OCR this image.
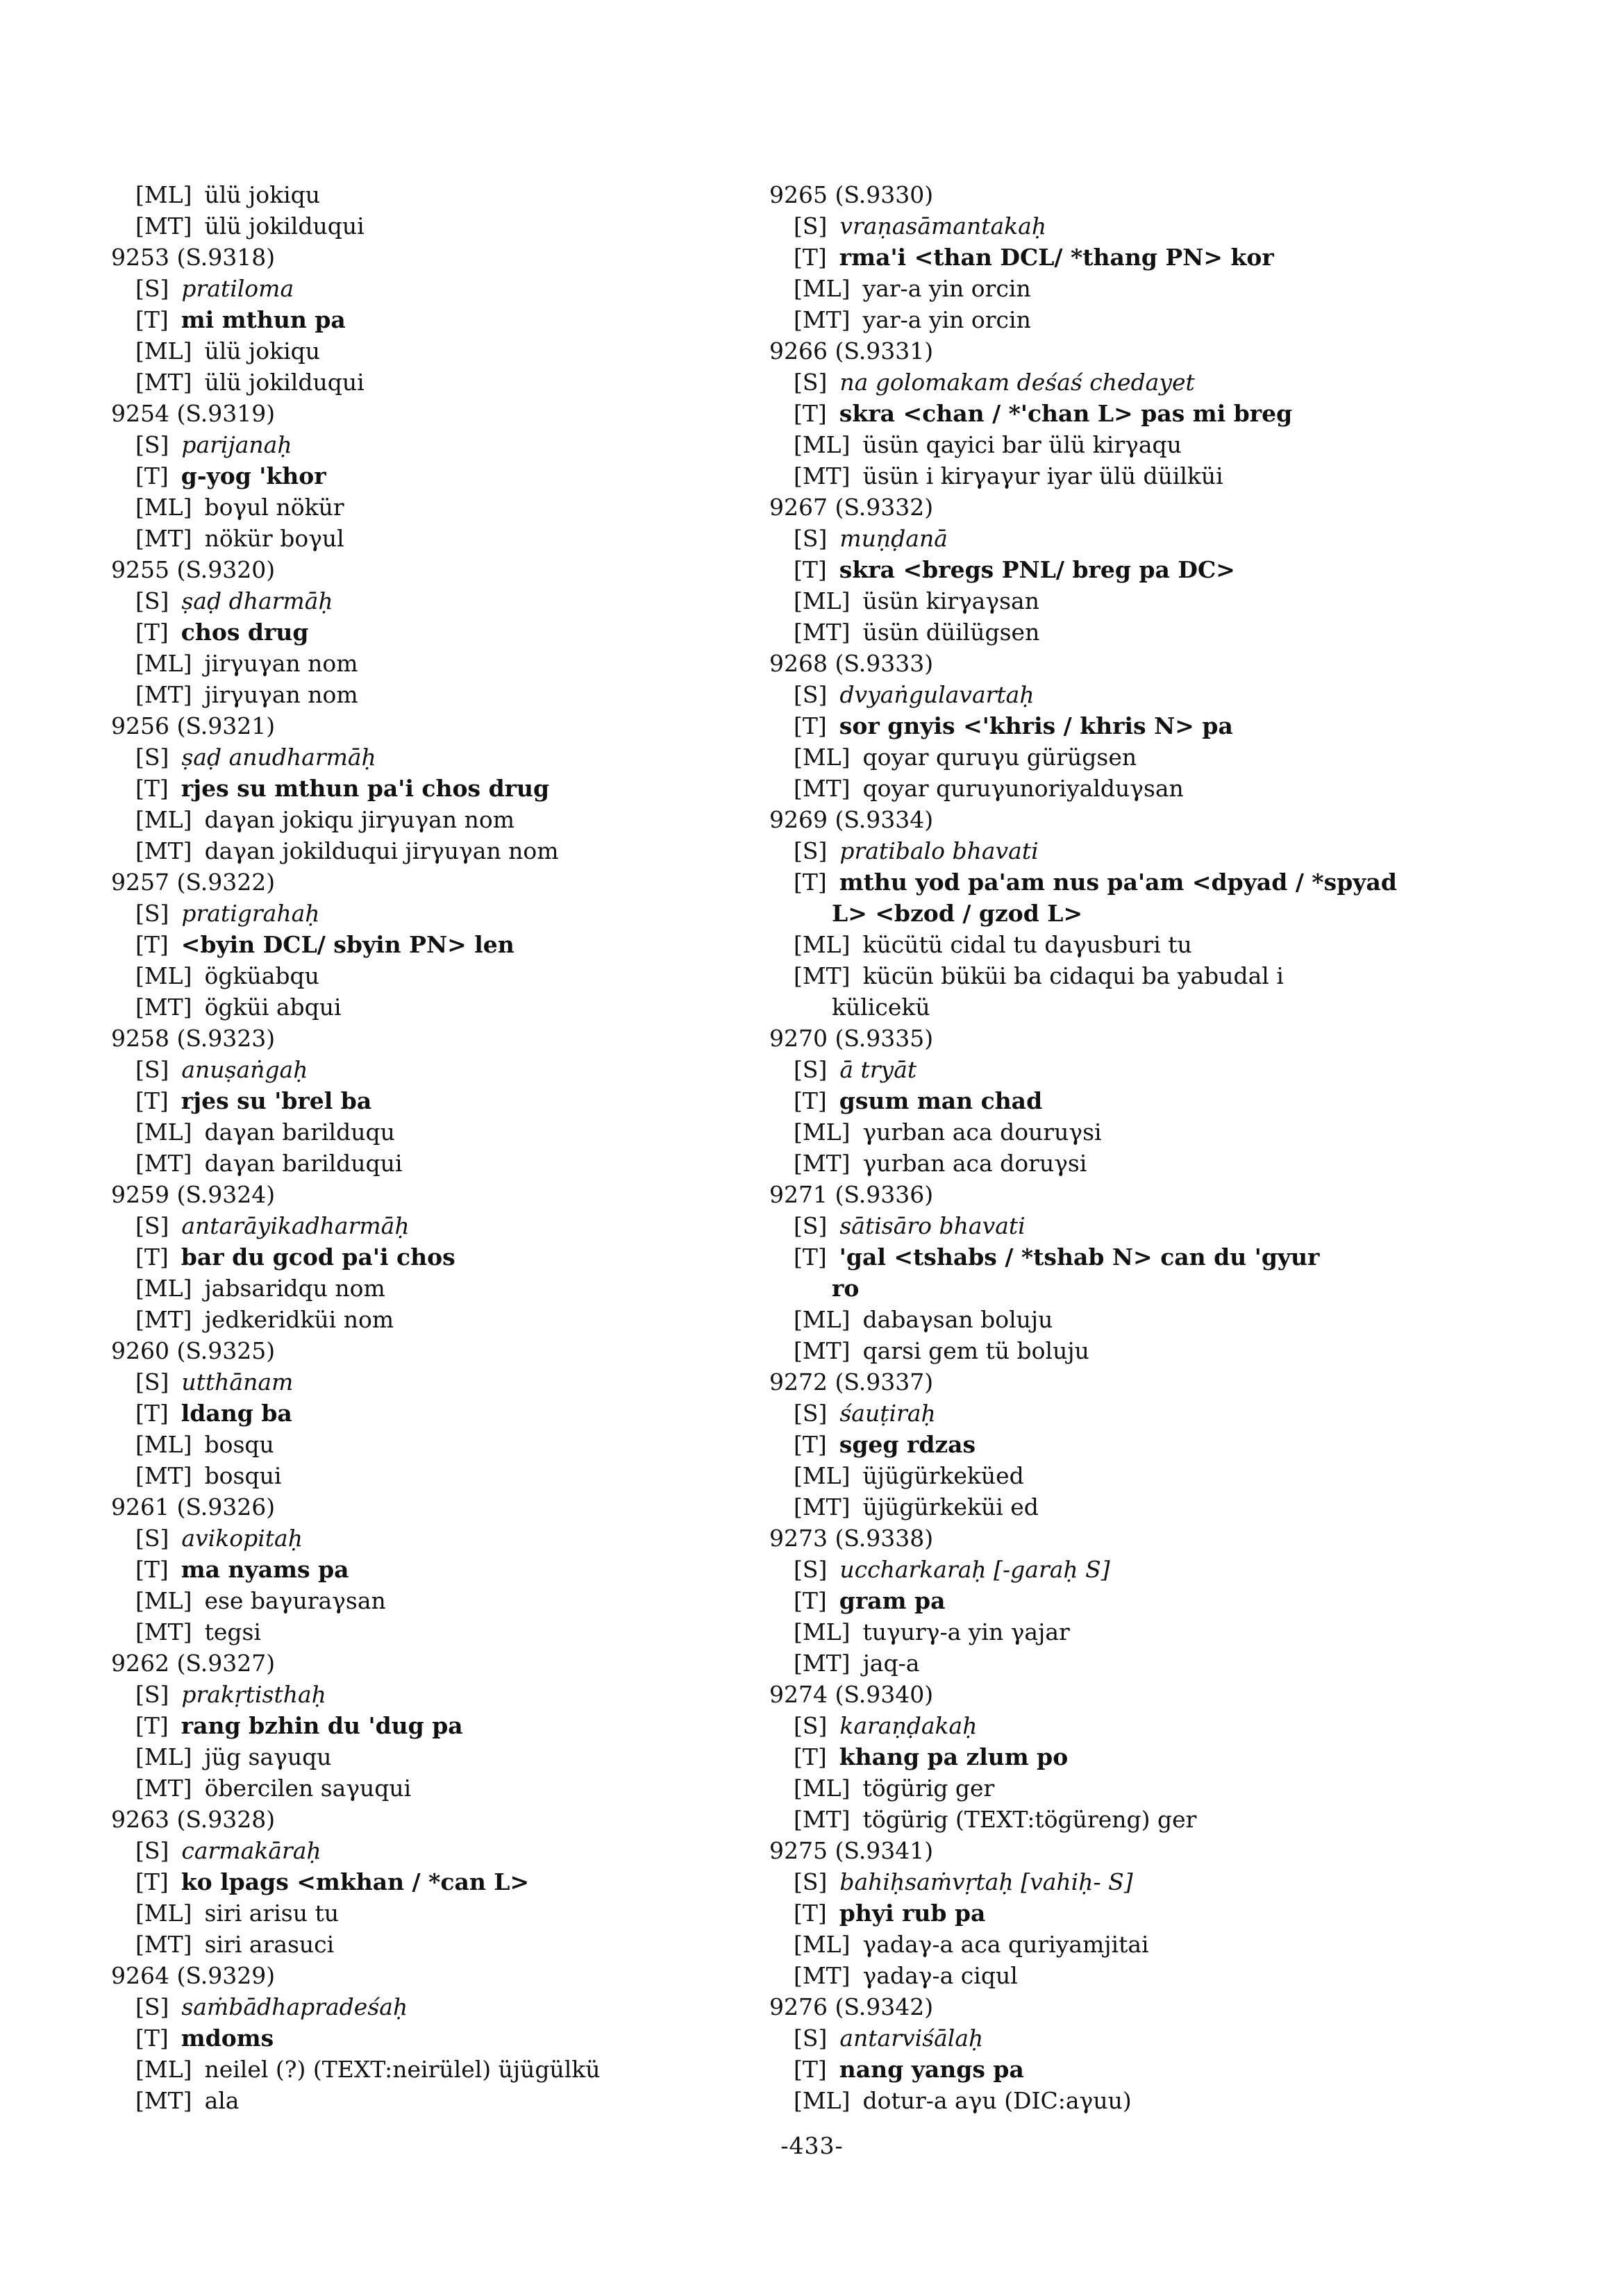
[ML] ülü jokiqu
[MT] ülü jokilduqui
9253 (S.9318)
[S] pratiloma
[T] mi mthun pa
[ML] ülü jokiqu
[MT] ülü jokilduqui
9254 (S.9319)
[S] parijanaḥ
[T] g-yog 'khor
[ML] boγul nökür
[MT] nökür boγul
9255 (S.9320)
[S] ṣaḍ dharmāḥ
[T] chos drug
[ML] jirγuγan nom
[MT] jirγuγan nom
9256 (S.9321)
[S] ṣaḍ anudharmāḥ
[T] rjes su mthun pa'i chos drug
[ML] daγan jokiqu jirγuγan nom
[MT] daγan jokilduqui jirγuγan nom
9257 (S.9322)
[S] pratigrahaḥ
[T] <byin DCL/ sbyin PN> len
[ML] ögküabqu
[MT] ögküi abqui
9258 (S.9323)
[S] anuṣaṅgaḥ
[T] rjes su 'brel ba
[ML] daγan barilduqu
[MT] daγan barilduqui
9259 (S.9324)
[S] antarāyikadharmāḥ
[T] bar du gcod pa'i chos
[ML] jabsaridqu nom
[MT] jedkeridküi nom
9260 (S.9325)
[S] utthānam
[T] ldang ba
[ML] bosqu
[MT] bosqui
9261 (S.9326)
[S] avikopitaḥ
[T] ma nyams pa
[ML] ese baγuraγsan
[MT] tegsi
9262 (S.9327)
[S] prakṛtisthaḥ
[T] rang bzhin du 'dug pa
[ML] jüg saγuqu
[MT] öbercilen saγuqui
9263 (S.9328)
[S] carmakāraḥ
[T] ko lpags <mkhan / *can L>
[ML] siri arisu tu
[MT] siri arasuci
9264 (S.9329)
[S] saṁbādhapradeśaḥ
[T] mdoms
[ML] neilel (?) (TEXT:neirülel) üjügülkü
[MT] ala
9265 (S.9330)
[S] vraṇasāmantakaḥ
[T] rma'i <than DCL/ *thang PN> kor
[ML] yar-a yin orcin
[MT] yar-a yin orcin
9266 (S.9331)
[S] na golomakam deśaś chedayet
[T] skra <chan / *'chan L> pas mi breg
[ML] üsün qayici bar ülü kirγaqu
[MT] üsün i kirγaγur iyar ülü düilküi
9267 (S.9332)
[S] muṇḍanā
[T] skra <bregs PNL/ breg pa DC>
[ML] üsün kirγaγsan
[MT] üsün düilügsen
9268 (S.9333)
[S] dvyaṅgulavartaḥ
[T] sor gnyis <'khris / khris N> pa
[ML] qoyar quruγu gürügsen
[MT] qoyar quruγunoriyalduγsan
9269 (S.9334)
[S] pratibalo bhavati
[T] mthu yod pa'am nus pa'am <dpyad / *spyad
L> <bzod / gzod L>
[ML] kücütü cidal tu daγusburi tu
[MT] kücün büküi ba cidaqui ba yabudal i
külicekü
9270 (S.9335)
[S] ā tryāt
[T] gsum man chad
[ML] γurban aca douruγsi
[MT] γurban aca doruγsi
9271 (S.9336)
[S] sātisāro bhavati
[T] 'gal <tshabs / *tshab N> can du 'gyur
ro
[ML] dabaγsan boluju
[MT] qarsi gem tü boluju
9272 (S.9337)
[S] śauṭiraḥ
[T] sgeg rdzas
[ML] üjügürkeküed
[MT] üjügürkeküi ed
9273 (S.9338)
[S] uccharkaraḥ [-garaḥ S]
[T] gram pa
[ML] tuγurγ-a yin γajar
[MT] jaq-a
9274 (S.9340)
[S] karaṇḍakaḥ
[T] khang pa zlum po
[ML] tögürig ger
[MT] tögürig (TEXT:tögüreng) ger
9275 (S.9341)
[S] bahiḥsaṁvṛtaḥ [vahiḥ- S]
[T] phyi rub pa
[ML] γadaγ-a aca quriyamjitai
[MT] γadaγ-a ciqul
9276 (S.9342)
[S] antarviśālaḥ
[T] nang yangs pa
[ML] dotur-a aγu (DIC:aγuu)
-433-
